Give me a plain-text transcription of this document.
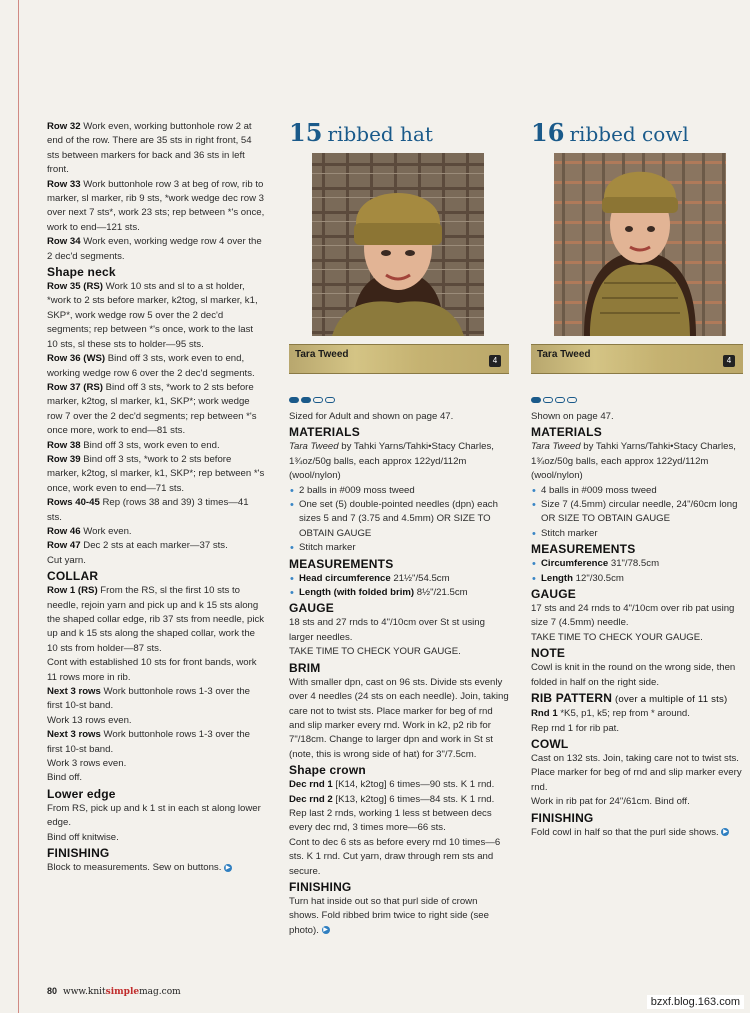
Row 32 Work even, working buttonhole row 2 at end of the row. There are 35 sts in right front, 54 sts between markers for back and 36 sts in left front.

Row 33 Work buttonhole row 3 at beg of row, rib to marker, sl marker, rib 9 sts, *work wedge dec row 3 over next 7 sts*, work 23 sts; rep between *'s once, work to end—121 sts.

Row 34 Work even, working wedge row 4 over the 2 dec'd segments.

Shape neck

Row 35 (RS) Work 10 sts and sl to a st holder, *work to 2 sts before marker, k2tog, sl marker, k1, SKP*, work wedge row 5 over the 2 dec'd segments; rep between *'s once, work to the last 10 sts, sl these sts to holder—95 sts.

Row 36 (WS) Bind off 3 sts, work even to end, working wedge row 6 over the 2 dec'd segments.

Row 37 (RS) Bind off 3 sts, *work to 2 sts before marker, k2tog, sl marker, k1, SKP*; work wedge row 7 over the 2 dec'd segments; rep between *'s once more, work to end—81 sts.

Row 38 Bind off 3 sts, work even to end.

Row 39 Bind off 3 sts, *work to 2 sts before marker, k2tog, sl marker, k1, SKP*; rep between *'s once, work even to end—71 sts.

Rows 40-45 Rep (rows 38 and 39) 3 times—41 sts.

Row 46 Work even.

Row 47 Dec 2 sts at each marker—37 sts.

Cut yarn.

COLLAR

Row 1 (RS) From the RS, sl the first 10 sts to needle, rejoin yarn and pick up and k 15 sts along the shaped collar edge, rib 37 sts from needle, pick up and k 15 sts along the shaped collar, work the 10 sts from holder—87 sts.

Cont with established 10 sts for front bands, work 11 rows more in rib.

Next 3 rows Work buttonhole rows 1-3 over the first 10-st band.

Work 13 rows even.

Next 3 rows Work buttonhole rows 1-3 over the first 10-st band.

Work 3 rows even.

Bind off.

Lower edge

From RS, pick up and k 1 st in each st along lower edge.

Bind off knitwise.

FINISHING

Block to measurements. Sew on buttons. ▶

15 ribbed hat
Tara Tweed
4

Sized for Adult and shown on page 47.

MATERIALS

Tara Tweed by Tahki Yarns/Tahki•Stacy Charles, 1¾oz/50g balls, each approx 122yd/112m (wool/nylon)

• 2 balls in #009 moss tweed

• One set (5) double-pointed needles (dpn) each sizes 5 and 7 (3.75 and 4.5mm) OR SIZE TO OBTAIN GAUGE

• Stitch marker

MEASUREMENTS

• Head circumference 21½"/54.5cm

• Length (with folded brim) 8½"/21.5cm

GAUGE

18 sts and 27 rnds to 4"/10cm over St st using larger needles.

TAKE TIME TO CHECK YOUR GAUGE.

BRIM

With smaller dpn, cast on 96 sts. Divide sts evenly over 4 needles (24 sts on each needle). Join, taking care not to twist sts. Place marker for beg of rnd and slip marker every rnd. Work in k2, p2 rib for 7"/18cm. Change to larger dpn and work in St st (note, this is wrong side of hat) for 3"/7.5cm.

Shape crown

Dec rnd 1 [K14, k2tog] 6 times—90 sts. K 1 rnd.

Dec rnd 2 [K13, k2tog] 6 times—84 sts. K 1 rnd.

Rep last 2 rnds, working 1 less st between decs every dec rnd, 3 times more—66 sts.

Cont to dec 6 sts as before every rnd 10 times—6 sts. K 1 rnd. Cut yarn, draw through rem sts and secure.

FINISHING

Turn hat inside out so that purl side of crown shows. Fold ribbed brim twice to right side (see photo). ▶

16 ribbed cowl
Tara Tweed
4

Shown on page 47.

MATERIALS

Tara Tweed by Tahki Yarns/Tahki•Stacy Charles, 1¾oz/50g balls, each approx 122yd/112m (wool/nylon)

• 4 balls in #009 moss tweed

• Size 7 (4.5mm) circular needle, 24"/60cm long OR SIZE TO OBTAIN GAUGE

• Stitch marker

MEASUREMENTS

• Circumference 31"/78.5cm

• Length 12"/30.5cm

GAUGE

17 sts and 24 rnds to 4"/10cm over rib pat using size 7 (4.5mm) needle.

TAKE TIME TO CHECK YOUR GAUGE.

NOTE

Cowl is knit in the round on the wrong side, then folded in half on the right side.

RIB PATTERN (over a multiple of 11 sts)

Rnd 1 *K5, p1, k5; rep from * around.

Rep rnd 1 for rib pat.

COWL

Cast on 132 sts. Join, taking care not to twist sts. Place marker for beg of rnd and slip marker every rnd.

Work in rib pat for 24"/61cm. Bind off.

FINISHING

Fold cowl in half so that the purl side shows. ▶

80 www.knitsimplemag.com
bzxf.blog.163.com
